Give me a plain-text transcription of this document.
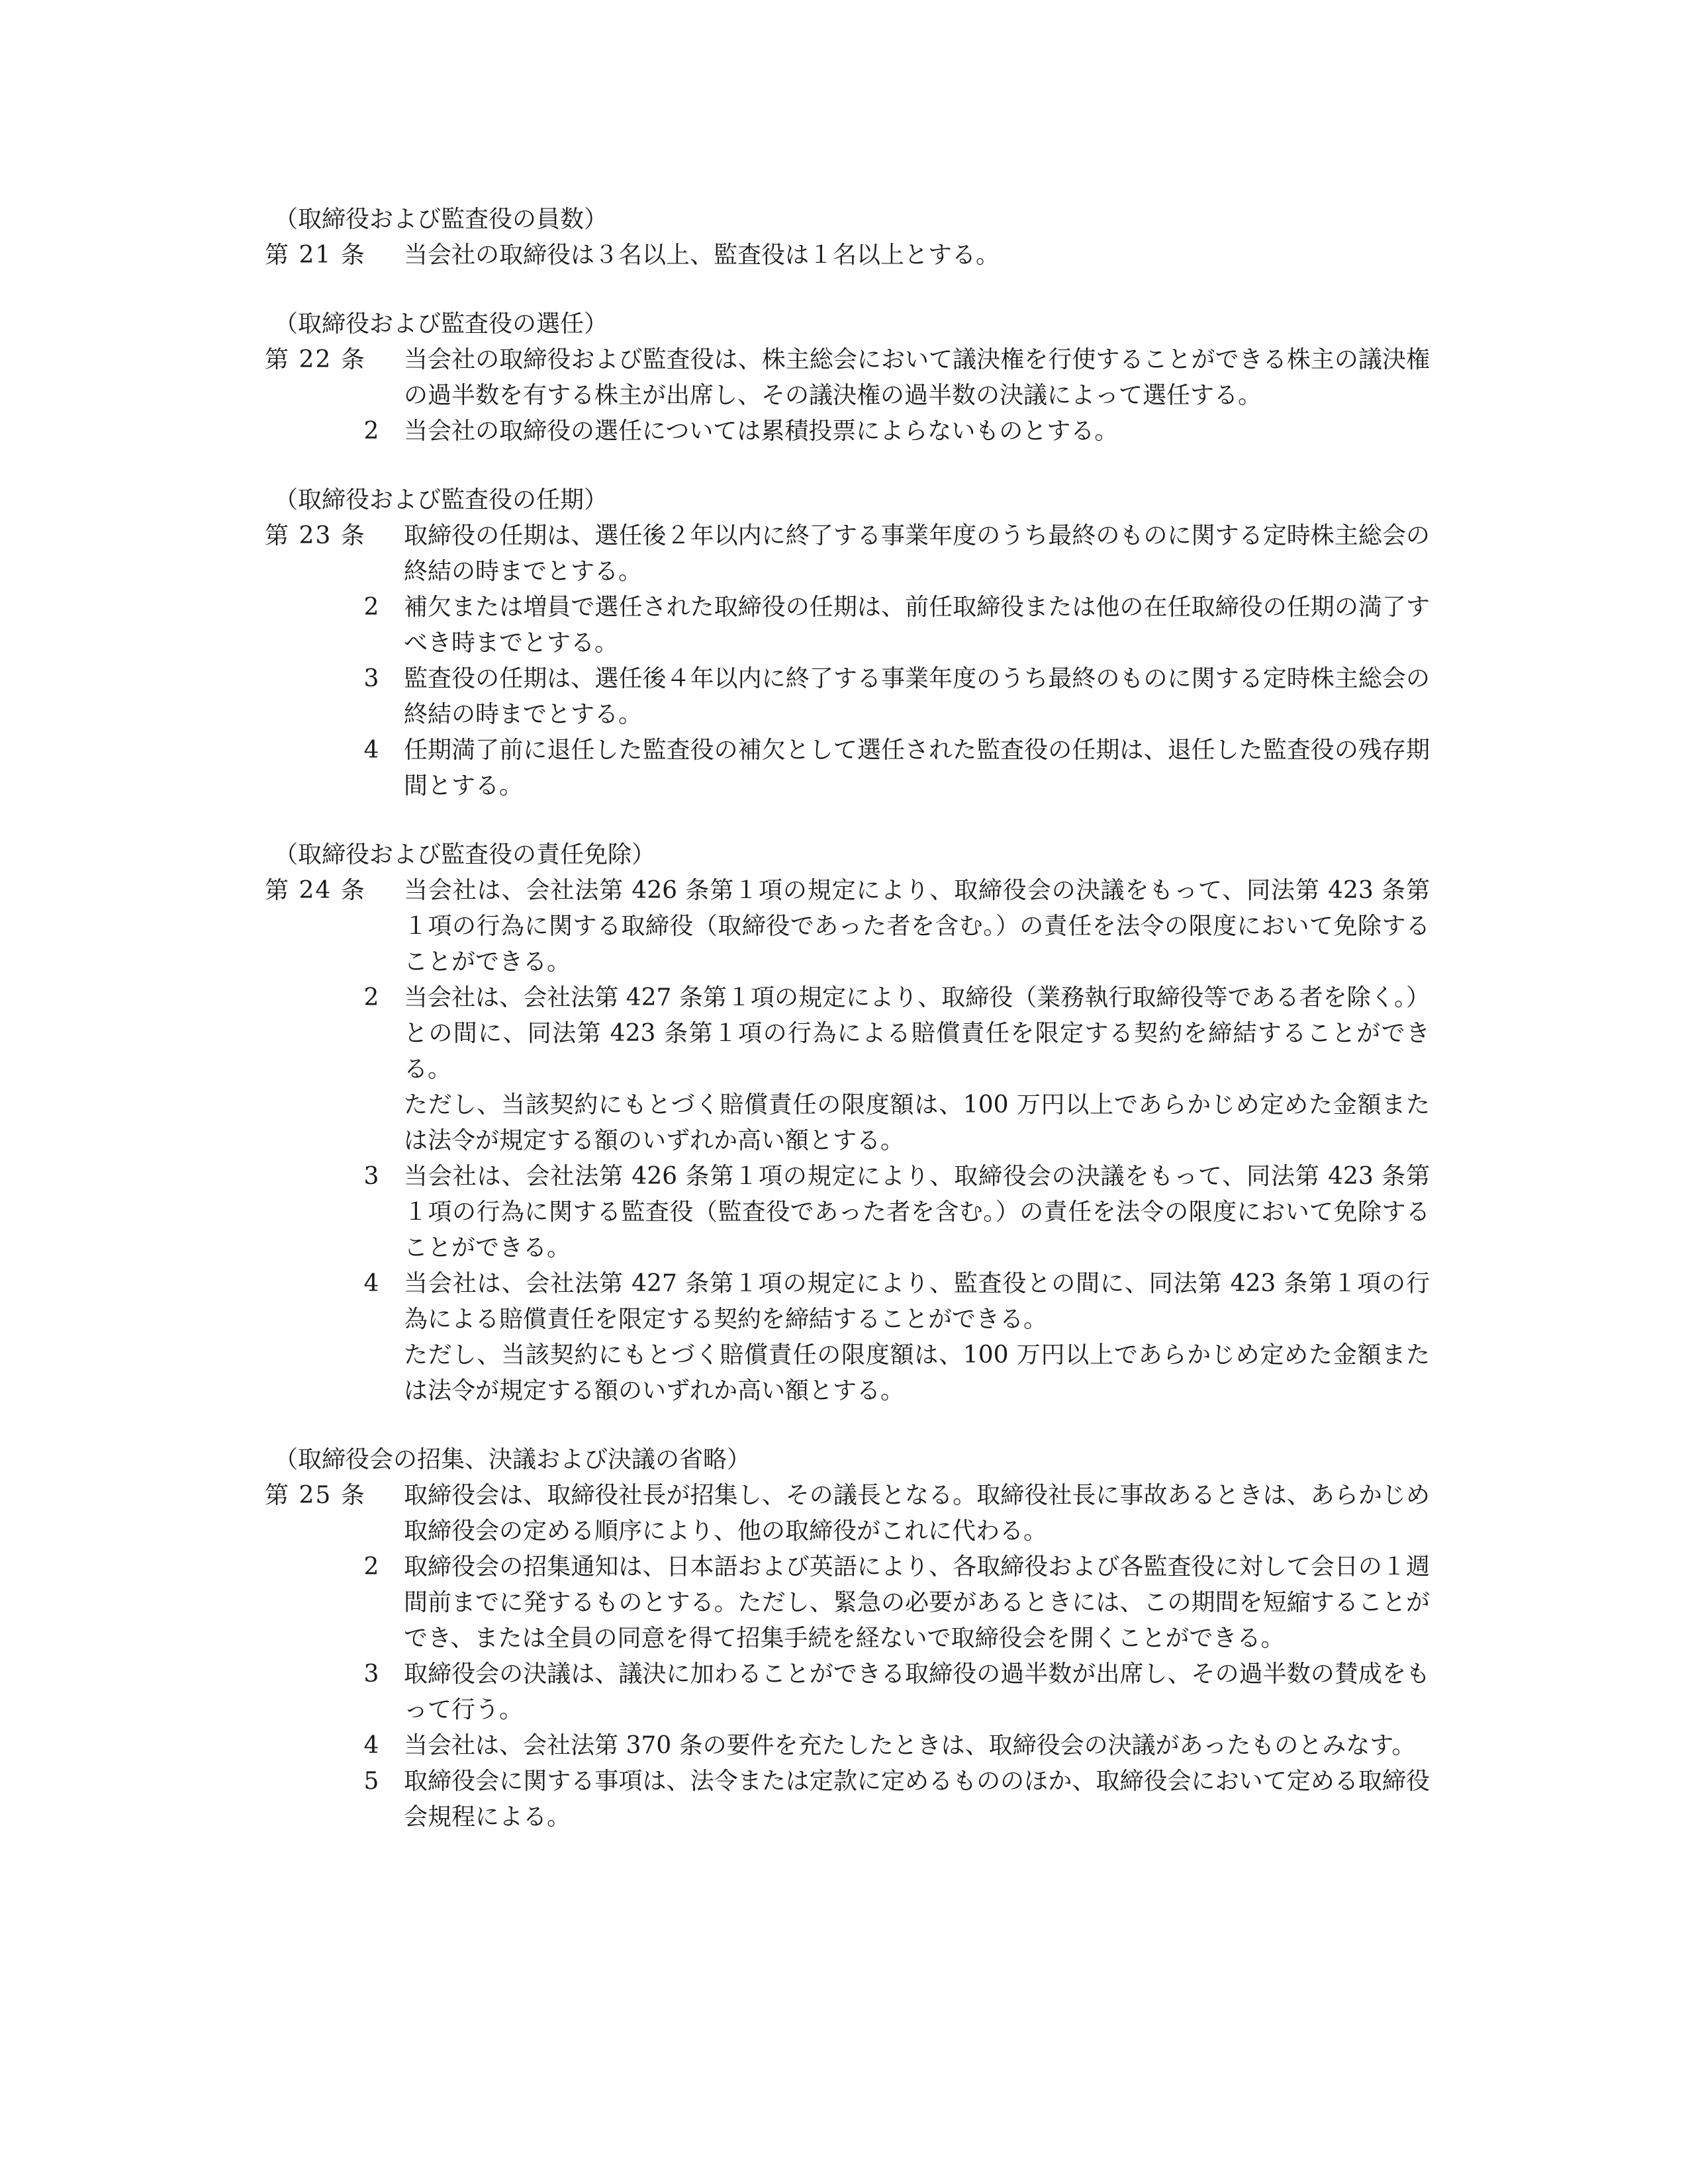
（取締役および監査役の員数）
第 21 条	当会社の取締役は３名以上、監査役は１名以上とする。
（取締役および監査役の選任）
第 22 条	当会社の取締役および監査役は、株主総会において議決権を行使することができる株主の議決権の過半数を有する株主が出席し、その議決権の過半数の決議によって選任する。
2	当会社の取締役の選任については累積投票によらないものとする。
（取締役および監査役の任期）
第 23 条	取締役の任期は、選任後２年以内に終了する事業年度のうち最終のものに関する定時株主総会の終結の時までとする。
2	補欠または増員で選任された取締役の任期は、前任取締役または他の在任取締役の任期の満了すべき時までとする。
3	監査役の任期は、選任後４年以内に終了する事業年度のうち最終のものに関する定時株主総会の終結の時までとする。
4	任期満了前に退任した監査役の補欠として選任された監査役の任期は、退任した監査役の残存期間とする。
（取締役および監査役の責任免除）
第 24 条	当会社は、会社法第 426 条第１項の規定により、取締役会の決議をもって、同法第 423 条第１項の行為に関する取締役（取締役であった者を含む。）の責任を法令の限度において免除することができる。
2	当会社は、会社法第 427 条第１項の規定により、取締役（業務執行取締役等である者を除く。）との間に、同法第 423 条第１項の行為による賠償責任を限定する契約を締結することができる。
ただし、当該契約にもとづく賠償責任の限度額は、100 万円以上であらかじめ定めた金額または法令が規定する額のいずれか高い額とする。
3	当会社は、会社法第 426 条第１項の規定により、取締役会の決議をもって、同法第 423 条第１項の行為に関する監査役（監査役であった者を含む。）の責任を法令の限度において免除することができる。
4	当会社は、会社法第 427 条第１項の規定により、監査役との間に、同法第 423 条第１項の行為による賠償責任を限定する契約を締結することができる。
ただし、当該契約にもとづく賠償責任の限度額は、100 万円以上であらかじめ定めた金額または法令が規定する額のいずれか高い額とする。
（取締役会の招集、決議および決議の省略）
第 25 条	取締役会は、取締役社長が招集し、その議長となる。取締役社長に事故あるときは、あらかじめ取締役会の定める順序により、他の取締役がこれに代わる。
2	取締役会の招集通知は、日本語および英語により、各取締役および各監査役に対して会日の１週間前までに発するものとする。ただし、緊急の必要があるときには、この期間を短縮することができ、または全員の同意を得て招集手続を経ないで取締役会を開くことができる。
3	取締役会の決議は、議決に加わることができる取締役の過半数が出席し、その過半数の賛成をもって行う。
4	当会社は、会社法第 370 条の要件を充たしたときは、取締役会の決議があったものとみなす。
5	取締役会に関する事項は、法令または定款に定めるもののほか、取締役会において定める取締役会規程による。
